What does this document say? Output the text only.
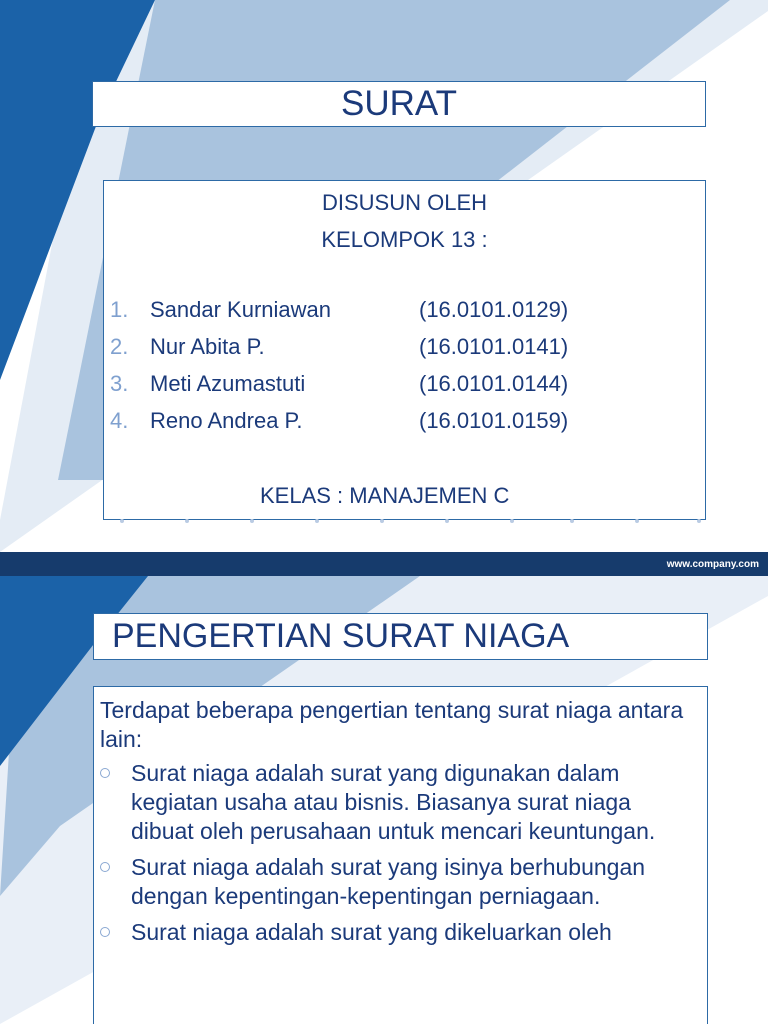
SURAT
DISUSUN OLEH
KELOMPOK 13 :
1. Sandar Kurniawan	(16.0101.0129)
2. Nur Abita P.	(16.0101.0141)
3. Meti Azumastuti	(16.0101.0144)
4. Reno Andrea P.	(16.0101.0159)
KELAS : MANAJEMEN C
www.company.com
PENGERTIAN SURAT NIAGA

Terdapat beberapa pengertian tentang surat niaga antara lain:

Surat niaga adalah surat yang digunakan dalam kegiatan usaha atau bisnis. Biasanya surat niaga dibuat oleh perusahaan untuk mencari keuntungan.
Surat niaga adalah surat yang isinya berhubungan dengan kepentingan-kepentingan perniagaan.
Surat niaga adalah surat yang dikeluarkan oleh
